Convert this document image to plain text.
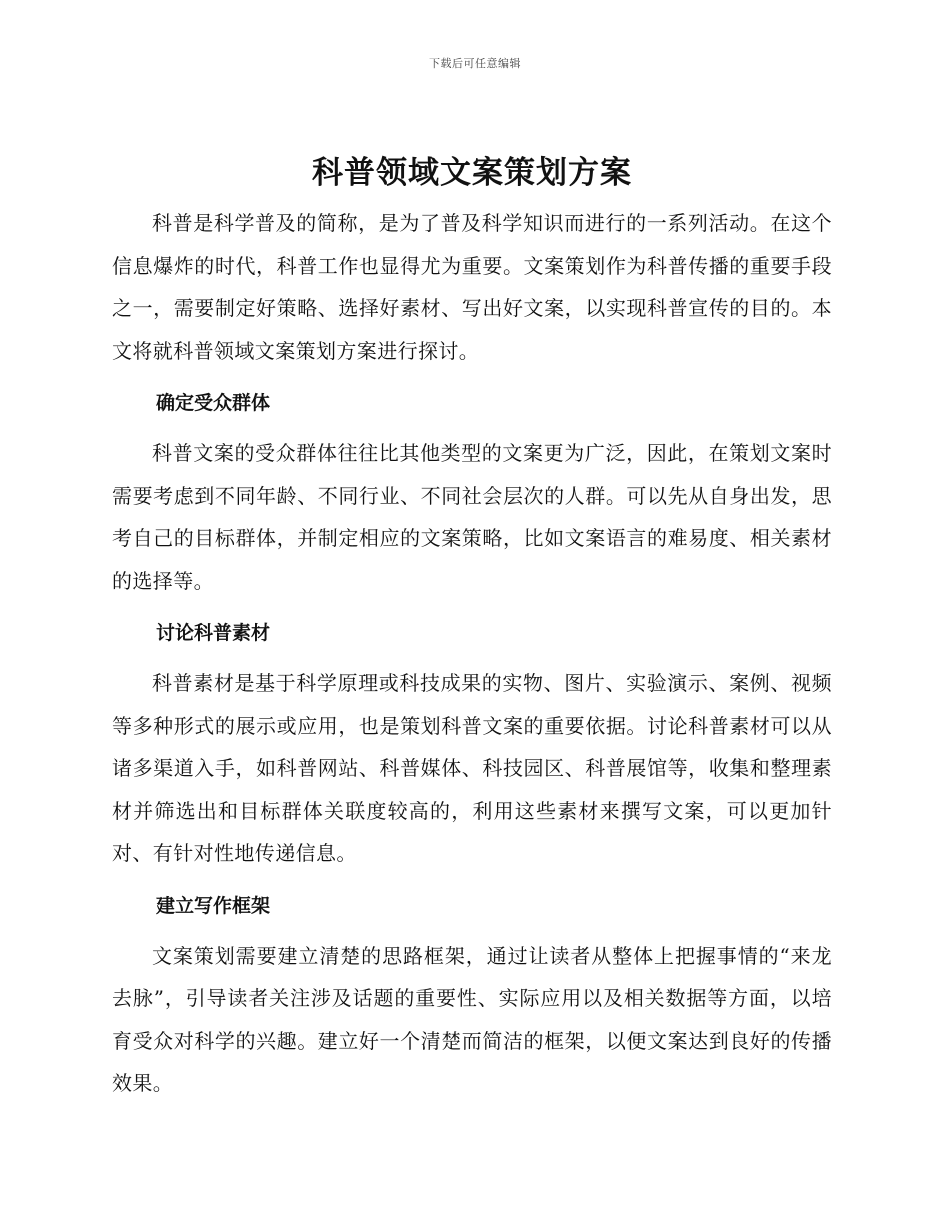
下载后可任意编辑
科普领域文案策划方案

科普是科学普及的简称，是为了普及科学知识而进行的一系列活动。在这个信息爆炸的时代，科普工作也显得尤为重要。文案策划作为科普传播的重要手段之一，需要制定好策略、选择好素材、写出好文案，以实现科普宣传的目的。本文将就科普领域文案策划方案进行探讨。

确定受众群体

科普文案的受众群体往往比其他类型的文案更为广泛，因此，在策划文案时需要考虑到不同年龄、不同行业、不同社会层次的人群。可以先从自身出发，思考自己的目标群体，并制定相应的文案策略，比如文案语言的难易度、相关素材的选择等。

讨论科普素材

科普素材是基于科学原理或科技成果的实物、图片、实验演示、案例、视频等多种形式的展示或应用，也是策划科普文案的重要依据。讨论科普素材可以从诸多渠道入手，如科普网站、科普媒体、科技园区、科普展馆等，收集和整理素材并筛选出和目标群体关联度较高的，利用这些素材来撰写文案，可以更加针对、有针对性地传递信息。

建立写作框架

文案策划需要建立清楚的思路框架，通过让读者从整体上把握事情的“来龙去脉”，引导读者关注涉及话题的重要性、实际应用以及相关数据等方面，以培育受众对科学的兴趣。建立好一个清楚而简洁的框架，以便文案达到良好的传播效果。
